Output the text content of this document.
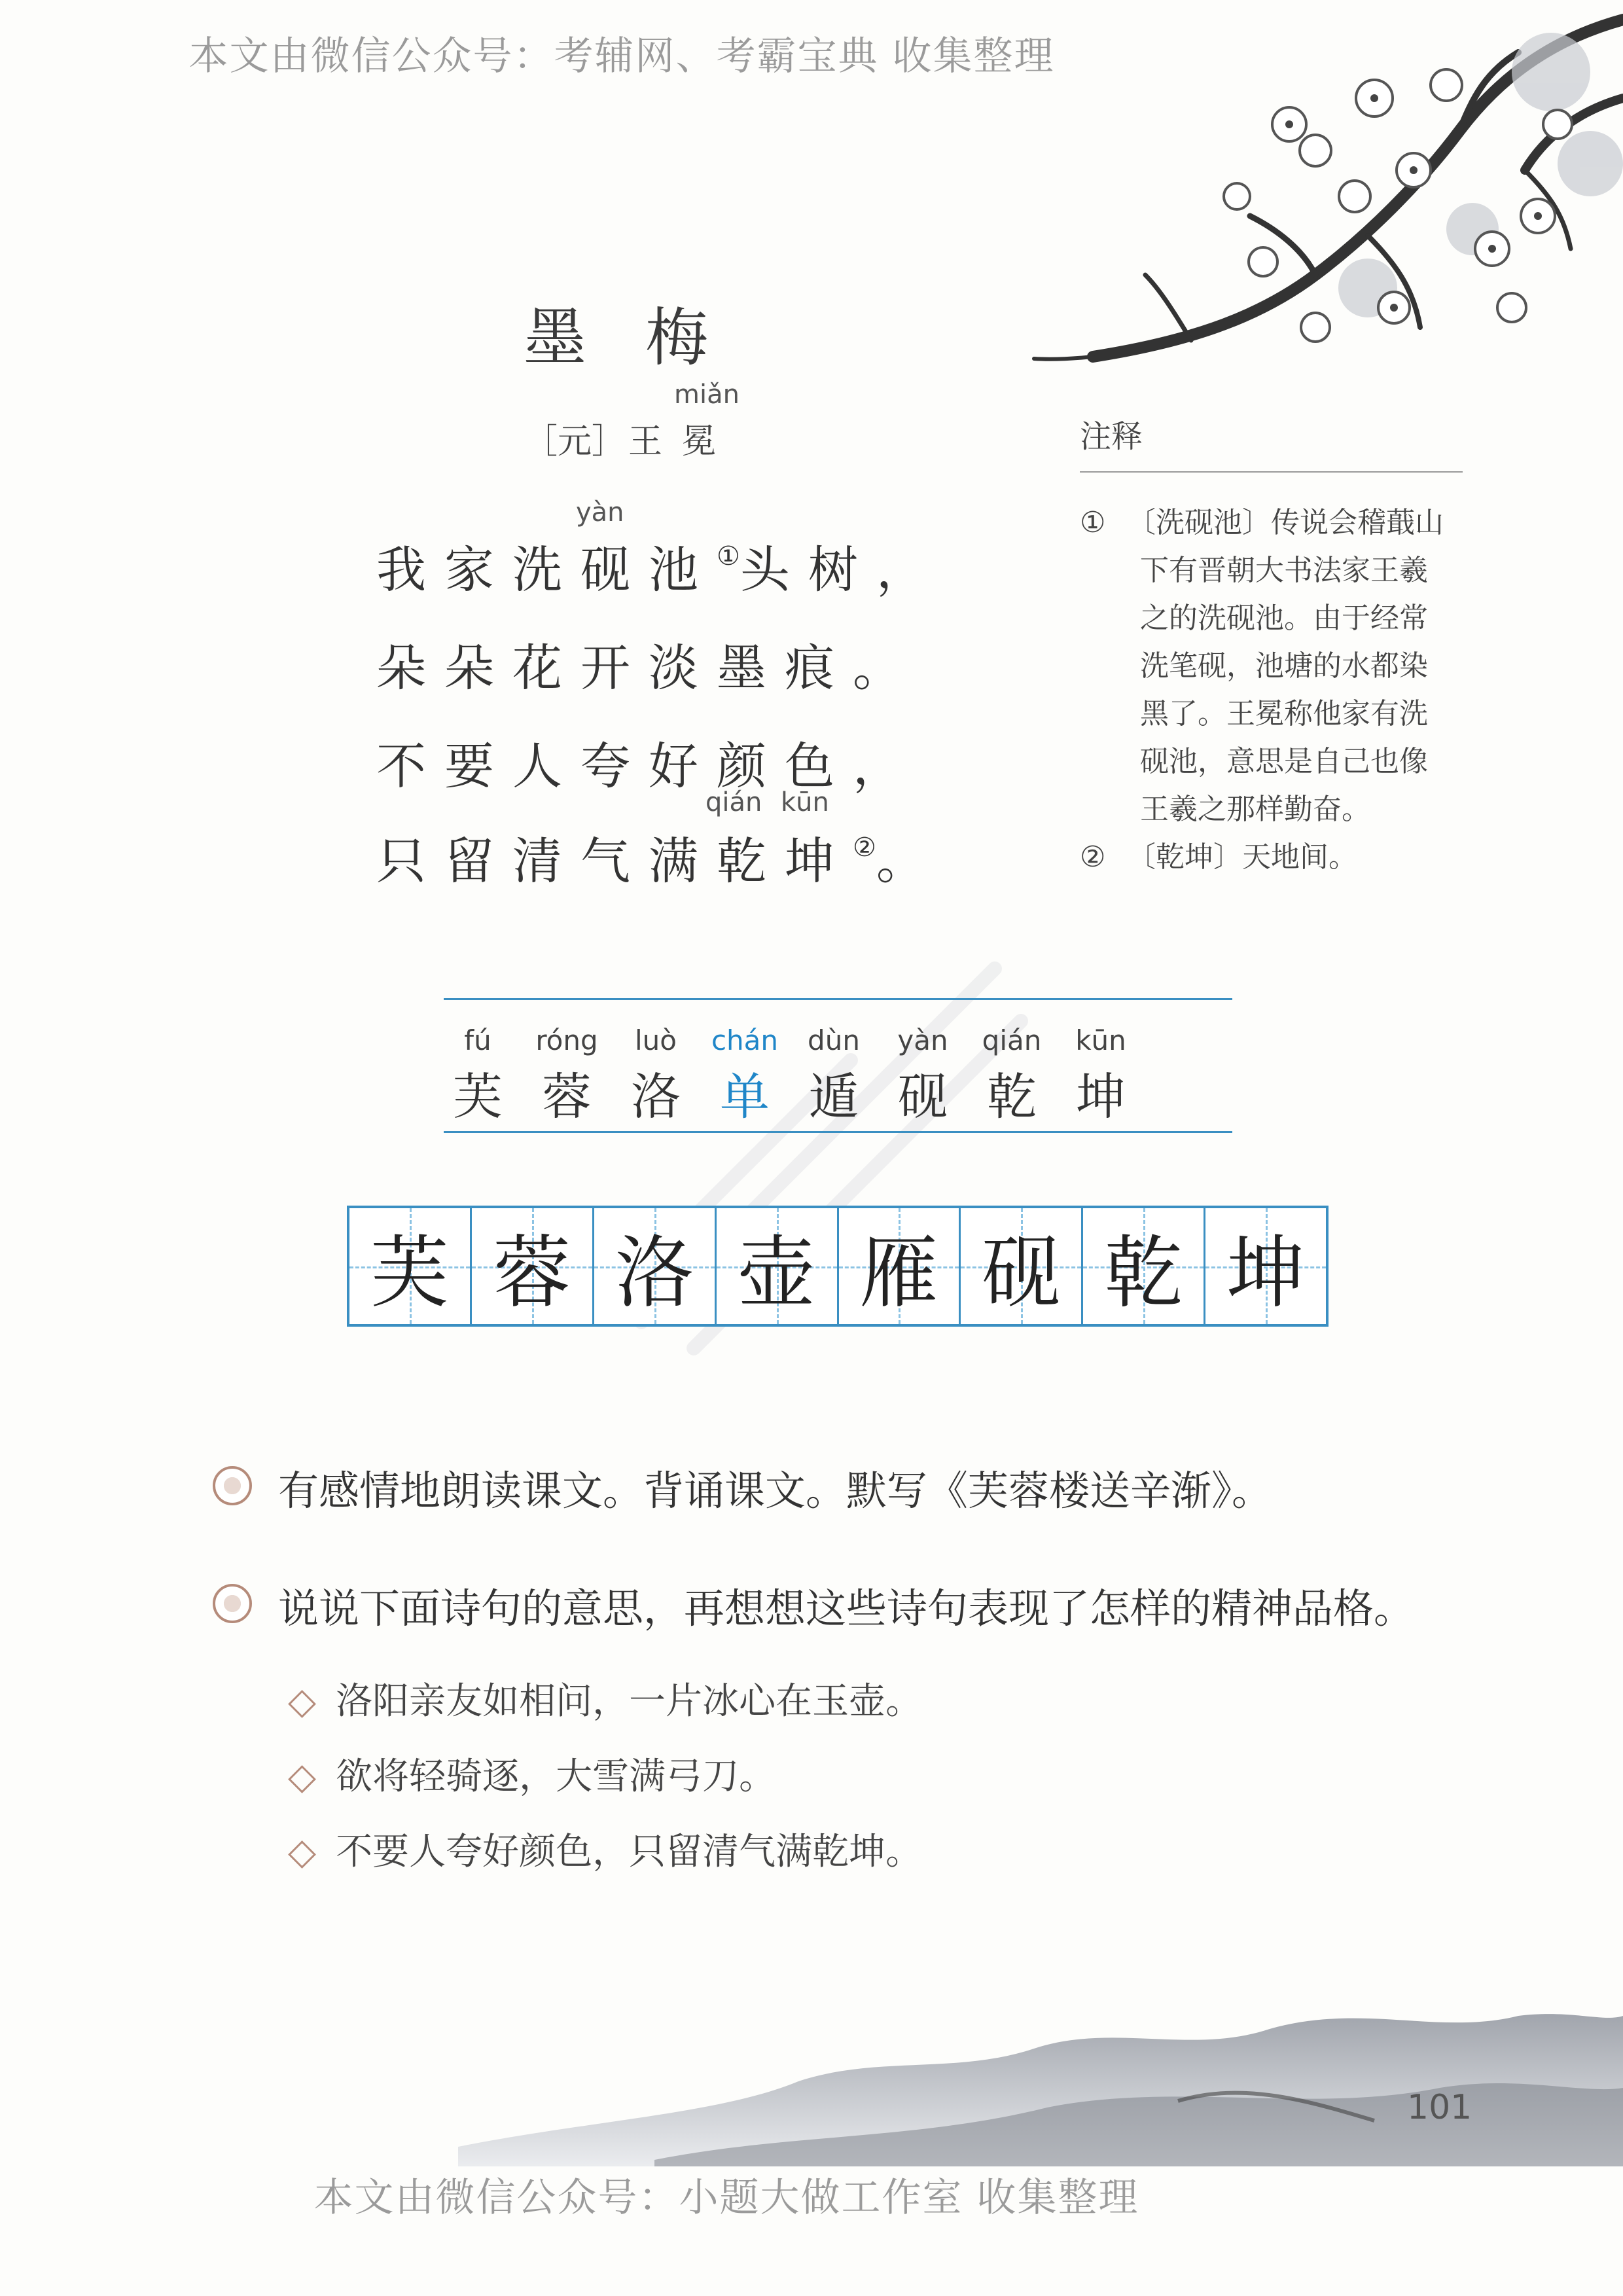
本文由微信公众号：考辅网、考霸宝典 收集整理
本文由微信公众号：小题大做工作室 收集整理
墨梅
miǎn
［元］ 王冕
yàn
我家洗砚池①头树，
朵朵花开淡墨痕。
不要人夸好颜色，
qián kūn
只留清气满乾坤②。
注释
① 〔洗砚池〕传说会稽蕺山
下有晋朝大书法家王羲
之的洗砚池。由于经常
洗笔砚，池塘的水都染
黑了。王冕称他家有洗
砚池，意思是自己也像
王羲之那样勤奋。
② 〔乾坤〕天地间。
fú
芙
róng
蓉
luò
洛
chán
单
dùn
遁
yàn
砚
qián
乾
kūn
坤
芙 蓉 洛 壶 雁 砚 乾 坤
有感情地朗读课文。背诵课文。默写《芙蓉楼送辛渐》。
说说下面诗句的意思，再想想这些诗句表现了怎样的精神品格。
◇ 洛阳亲友如相问，一片冰心在玉壶。
◇ 欲将轻骑逐，大雪满弓刀。
◇ 不要人夸好颜色，只留清气满乾坤。
101
